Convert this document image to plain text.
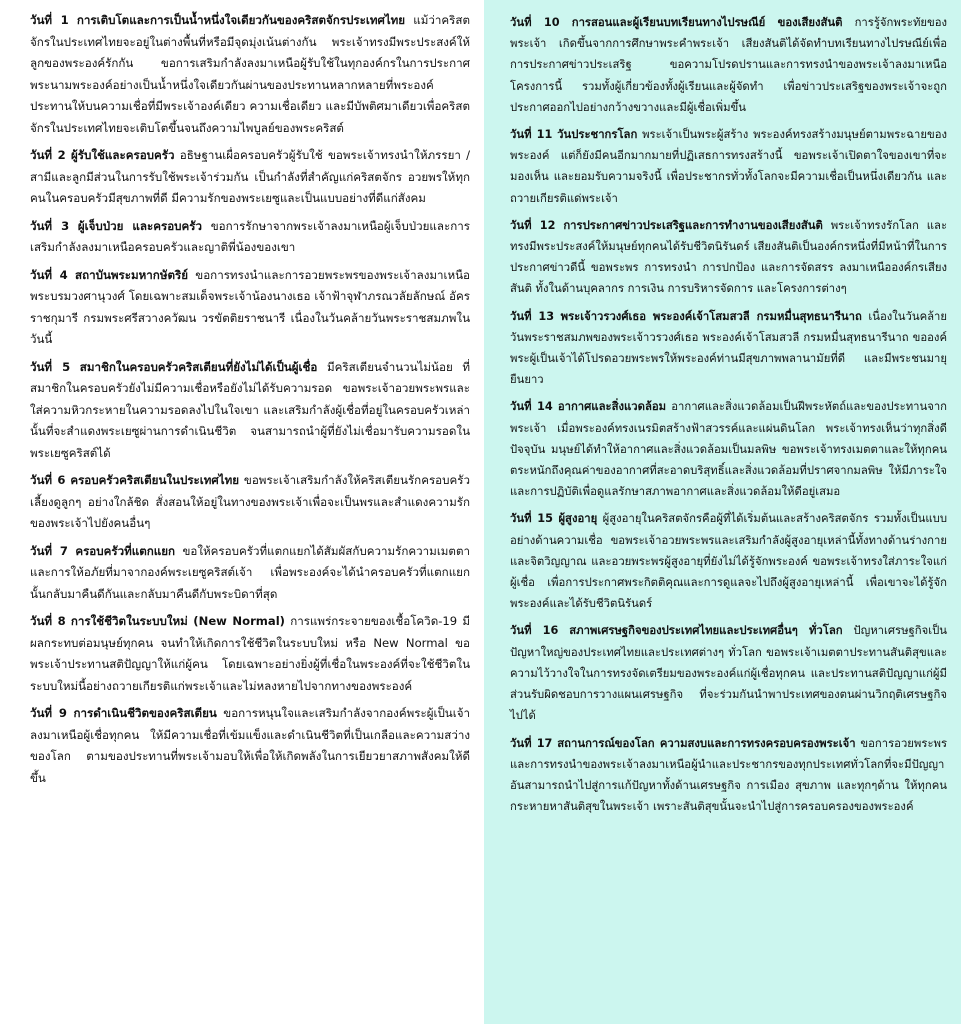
วันที่ 1 การเติบโตและการเป็นน้ำหนึ่งใจเดียวกันของคริสตจักรประเทศไทย แม้ว่าคริสตจักรในประเทศไทยจะอยู่ในต่างพื้นที่หรือมีจุดมุ่งเน้นต่างกัน พระเจ้าทรงมีพระประสงค์ให้ลูกของพระองค์รักกัน ขอการเสริมกำลังลงมาเหนือผู้รับใช้ในทุกองค์กรในการประกาศพระนามพระองค์อย่างเป็นน้ำหนึ่งใจเดียวกันผ่านของประทานหลากหลายที่พระองค์ประทานให้บนความเชื่อที่มีพระเจ้าองค์เดียว ความเชื่อเดียว และมีบัพติศมาเดียวเพื่อคริสตจักรในประเทศไทยจะเติบโตขึ้นจนถึงความไพบูลย์ของพระคริสต์

วันที่ 2 ผู้รับใช้และครอบครัว อธิษฐานเผื่อครอบครัวผู้รับใช้ ขอพระเจ้าทรงนำให้ภรรยา / สามีและลูกมีส่วนในการรับใช้พระเจ้าร่วมกัน เป็นกำลังที่สำคัญแก่คริสตจักร อวยพรให้ทุกคนในครอบครัวมีสุขภาพที่ดี มีความรักของพระเยซูและเป็นแบบอย่างที่ดีแก่สังคม

วันที่ 3 ผู้เจ็บป่วย และครอบครัว ขอการรักษาจากพระเจ้าลงมาเหนือผู้เจ็บป่วยและการเสริมกำลังลงมาเหนือครอบครัวและญาติพี่น้องของเขา

วันที่ 4 สถาบันพระมหากษัตริย์ ขอการทรงนำและการอวยพระพรของพระเจ้าลงมาเหนือพระบรมวงศานุวงศ์ โดยเฉพาะสมเด็จพระเจ้าน้องนางเธอ เจ้าฟ้าจุฬาภรณวลัยลักษณ์ อัครราชกุมารี กรมพระศรีสวางควัฒน วรขัตติยราชนารี เนื่องในวันคล้ายวันพระราชสมภพในวันนี้

วันที่ 5 สมาชิกในครอบครัวคริสเตียนที่ยังไม่ได้เป็นผู้เชื่อ มีคริสเตียนจำนวนไม่น้อย ที่สมาชิกในครอบครัวยังไม่มีความเชื่อหรือยังไม่ได้รับความรอด ขอพระเจ้าอวยพระพรและใส่ความหิวกระหายในความรอดลงไปในใจเขา และเสริมกำลังผู้เชื่อที่อยู่ในครอบครัวเหล่านั้นที่จะสำแดงพระเยซูผ่านการดำเนินชีวิต จนสามารถนำผู้ที่ยังไม่เชื่อมารับความรอดในพระเยซูคริสต์ได้

วันที่ 6 ครอบครัวคริสเตียนในประเทศไทย ขอพระเจ้าเสริมกำลังให้คริสเตียนรักครอบครัว เลี้ยงดูลูกๆ อย่างใกล้ชิด สั่งสอนให้อยู่ในทางของพระเจ้าเพื่อจะเป็นพรและสำแดงความรักของพระเจ้าไปยังคนอื่นๆ

วันที่ 7 ครอบครัวที่แตกแยก ขอให้ครอบครัวที่แตกแยกได้สัมผัสกับความรักความเมตตาและการให้อภัยที่มาจากองค์พระเยซูคริสต์เจ้า เพื่อพระองค์จะได้นำครอบครัวที่แตกแยกนั้นกลับมาคืนดีกันและกลับมาคืนดีกับพระบิดาที่สุด

วันที่ 8 การใช้ชีวิตในระบบใหม่ (New Normal) การแพร่กระจายของเชื้อโควิด-19 มีผลกระทบต่อมนุษย์ทุกคน จนทำให้เกิดการใช้ชีวิตในระบบใหม่ หรือ New Normal ขอพระเจ้าประทานสติปัญญาให้แก่ผู้คน โดยเฉพาะอย่างยิ่งผู้ที่เชื่อในพระองค์ที่จะใช้ชีวิตในระบบใหม่นี้อย่างถวายเกียรติแก่พระเจ้าและไม่หลงหายไปจากทางของพระองค์

วันที่ 9 การดำเนินชีวิตของคริสเตียน ขอการหนุนใจและเสริมกำลังจากองค์พระผู้เป็นเจ้าลงมาเหนือผู้เชื่อทุกคน ให้มีความเชื่อที่เข้มแข็งและดำเนินชีวิตที่เป็นเกลือและความสว่างของโลก ตามของประทานที่พระเจ้ามอบให้เพื่อให้เกิดพลังในการเยียวยาสภาพสังคมให้ดีขึ้น

วันที่ 10 การสอนและผู้เรียนบทเรียนทางไปรษณีย์ ของเสียงสันติ การรู้จักพระทัยของพระเจ้า เกิดขึ้นจากการศึกษาพระคำพระเจ้า เสียงสันติได้จัดทำบทเรียนทางไปรษณีย์เพื่อการประกาศข่าวประเสริฐ ขอความโปรดปรานและการทรงนำของพระเจ้าลงมาเหนือโครงการนี้ รวมทั้งผู้เกี่ยวข้องทั้งผู้เรียนและผู้จัดทำ เพื่อข่าวประเสริฐของพระเจ้าจะถูกประกาศออกไปอย่างกว้างขวางและมีผู้เชื่อเพิ่มขึ้น

วันที่ 11 วันประชากรโลก พระเจ้าเป็นพระผู้สร้าง พระองค์ทรงสร้างมนุษย์ตามพระฉายของพระองค์ แต่ก็ยังมีคนอีกมากมายที่ปฏิเสธการทรงสร้างนี้ ขอพระเจ้าเปิดตาใจของเขาที่จะมองเห็น และยอมรับความจริงนี้ เพื่อประชากรทั่วทั้งโลกจะมีความเชื่อเป็นหนึ่งเดียวกัน และถวายเกียรติแด่พระเจ้า

วันที่ 12 การประกาศข่าวประเสริฐและการทำงานของเสียงสันติ พระเจ้าทรงรักโลก และทรงมีพระประสงค์ให้มนุษย์ทุกคนได้รับชีวิตนิรันดร์ เสียงสันติเป็นองค์กรหนึ่งที่มีหน้าที่ในการประกาศข่าวดีนี้ ขอพระพร การทรงนำ การปกป้อง และการจัดสรร ลงมาเหนือองค์กรเสียงสันติ ทั้งในด้านบุคลากร การเงิน การบริหารจัดการ และโครงการต่างๆ

วันที่ 13 พระเจ้าวรวงศ์เธอ พระองค์เจ้าโสมสวลี กรมหมื่นสุทธนารีนาถ เนื่องในวันคล้ายวันพระราชสมภพของพระเจ้าวรวงศ์เธอ พระองค์เจ้าโสมสวลี กรมหมื่นสุทธนารีนาถ ขอองค์พระผู้เป็นเจ้าได้โปรดอวยพระพรให้พระองค์ท่านมีสุขภาพพลานามัยที่ดี และมีพระชนมายุยืนยาว

วันที่ 14 อากาศและสิ่งแวดล้อม อากาศและสิ่งแวดล้อมเป็นฝีพระหัตถ์และของประทานจากพระเจ้า เมื่อพระองค์ทรงเนรมิตสร้างฟ้าสวรรค์และแผ่นดินโลก พระเจ้าทรงเห็นว่าทุกสิ่งดี ปัจจุบัน มนุษย์ได้ทำให้อากาศและสิ่งแวดล้อมเป็นมลพิษ ขอพระเจ้าทรงเมตตาและให้ทุกคนตระหนักถึงคุณค่าของอากาศที่สะอาดบริสุทธิ์และสิ่งแวดล้อมที่ปราศจากมลพิษ ให้มีภาระใจและการปฏิบัติเพื่อดูแลรักษาสภาพอากาศและสิ่งแวดล้อมให้ดีอยู่เสมอ

วันที่ 15 ผู้สูงอายุ ผู้สูงอายุในคริสตจักรคือผู้ที่ได้เริ่มต้นและสร้างคริสตจักร รวมทั้งเป็นแบบอย่างด้านความเชื่อ ขอพระเจ้าอวยพระพรและเสริมกำลังผู้สูงอายุเหล่านี้ทั้งทางด้านร่างกายและจิตวิญญาณ และอวยพระพรผู้สูงอายุที่ยังไม่ได้รู้จักพระองค์ ขอพระเจ้าทรงใส่ภาระใจแก่ผู้เชื่อ เพื่อการประกาศพระกิตติคุณและการดูแลจะไปถึงผู้สูงอายุเหล่านี้ เพื่อเขาจะได้รู้จักพระองค์และได้รับชีวิตนิรันดร์

วันที่ 16 สภาพเศรษฐกิจของประเทศไทยและประเทศอื่นๆ ทั่วโลก ปัญหาเศรษฐกิจเป็นปัญหาใหญ่ของประเทศไทยและประเทศต่างๆ ทั่วโลก ขอพระเจ้าเมตตาประทานสันติสุขและความไว้วางใจในการทรงจัดเตรียมของพระองค์แก่ผู้เชื่อทุกคน และประทานสติปัญญาแก่ผู้มีส่วนรับผิดชอบการวางแผนเศรษฐกิจ ที่จะร่วมกันนำพาประเทศของตนผ่านวิกฤติเศรษฐกิจไปได้

วันที่ 17 สถานการณ์ของโลก ความสงบและการทรงครอบครองพระเจ้า ขอการอวยพระพร และการทรงนำของพระเจ้าลงมาเหนือผู้นำและประชากรของทุกประเทศทั่วโลกที่จะมีปัญญาอันสามารถนำไปสู่การแก้ปัญหาทั้งด้านเศรษฐกิจ การเมือง สุขภาพ และทุกๆด้าน ให้ทุกคนกระหายหาสันติสุขในพระเจ้า เพราะสันติสุขนั้นจะนำไปสู่การครอบครองของพระองค์
